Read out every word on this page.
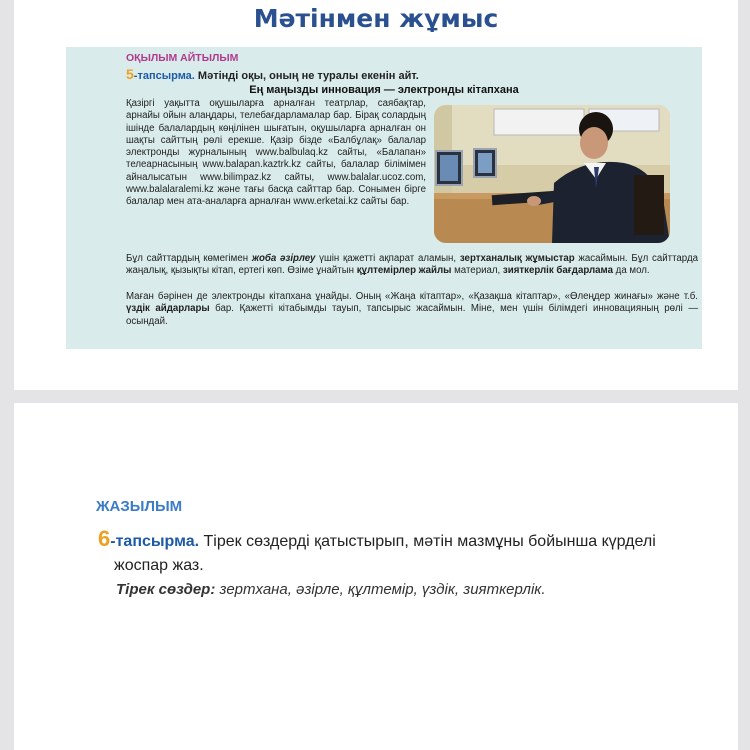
Мәтінмен жұмыс
ОҚЫЛЫМ АЙТЫЛЫМ
5-тапсырма. Мәтінді оқы, оның не туралы екенін айт.
Ең маңызды инновация — электронды кітапхана

Қазіргі уақытта оқушыларға арналған театрлар, саябақтар, арнайы ойын алаңдары, телебағдарламалар бар. Бірақ солардың ішінде балалардың көңілінен шығатын, оқушыларға арналған он шақты сайттың рөлі ерекше. Қазір бізде «Балбұлақ» балалар электронды журналының www.balbulaq.kz сайты, «Балапан» телеарнасының www.balapan.kaztrk.kz сайты, балалар білімімен айналысатын www.bilimpaz.kz сайты, www.balalar.ucoz.com, www.balalaralemi.kz және тағы басқа сайттар бар. Сонымен бірге балалар мен ата-аналарға арналған www.erketai.kz сайты бар.

Бұл сайттардың көмегімен жоба әзірлеу үшін қажетті ақпарат аламын, зертханалық жұмыстар жасаймын. Бұл сайттарда жаңалық, қызықты кітап, ертегі көп. Өзіме ұнайтын құлтемірлер жайлы материал, зияткерлік бағдарлама да мол.

Маған бәрінен де электронды кітапхана ұнайды. Оның «Жаңа кітаптар», «Қазақша кітаптар», «Өлеңдер жинағы» және т.б. үздік айдарлары бар. Қажетті кітабымды тауып, тапсырыс жасаймын. Міне, мен үшін білімдегі инновацияның рөлі — осындай.

ЖАЗЫЛЫМ

6-тапсырма. Тірек сөздерді қатыстырып, мәтін мазмұны бойынша күрделі
жоспар жаз.

Тірек сөздер: зертхана, әзірле, құлтемір, үздік, зияткерлік.
